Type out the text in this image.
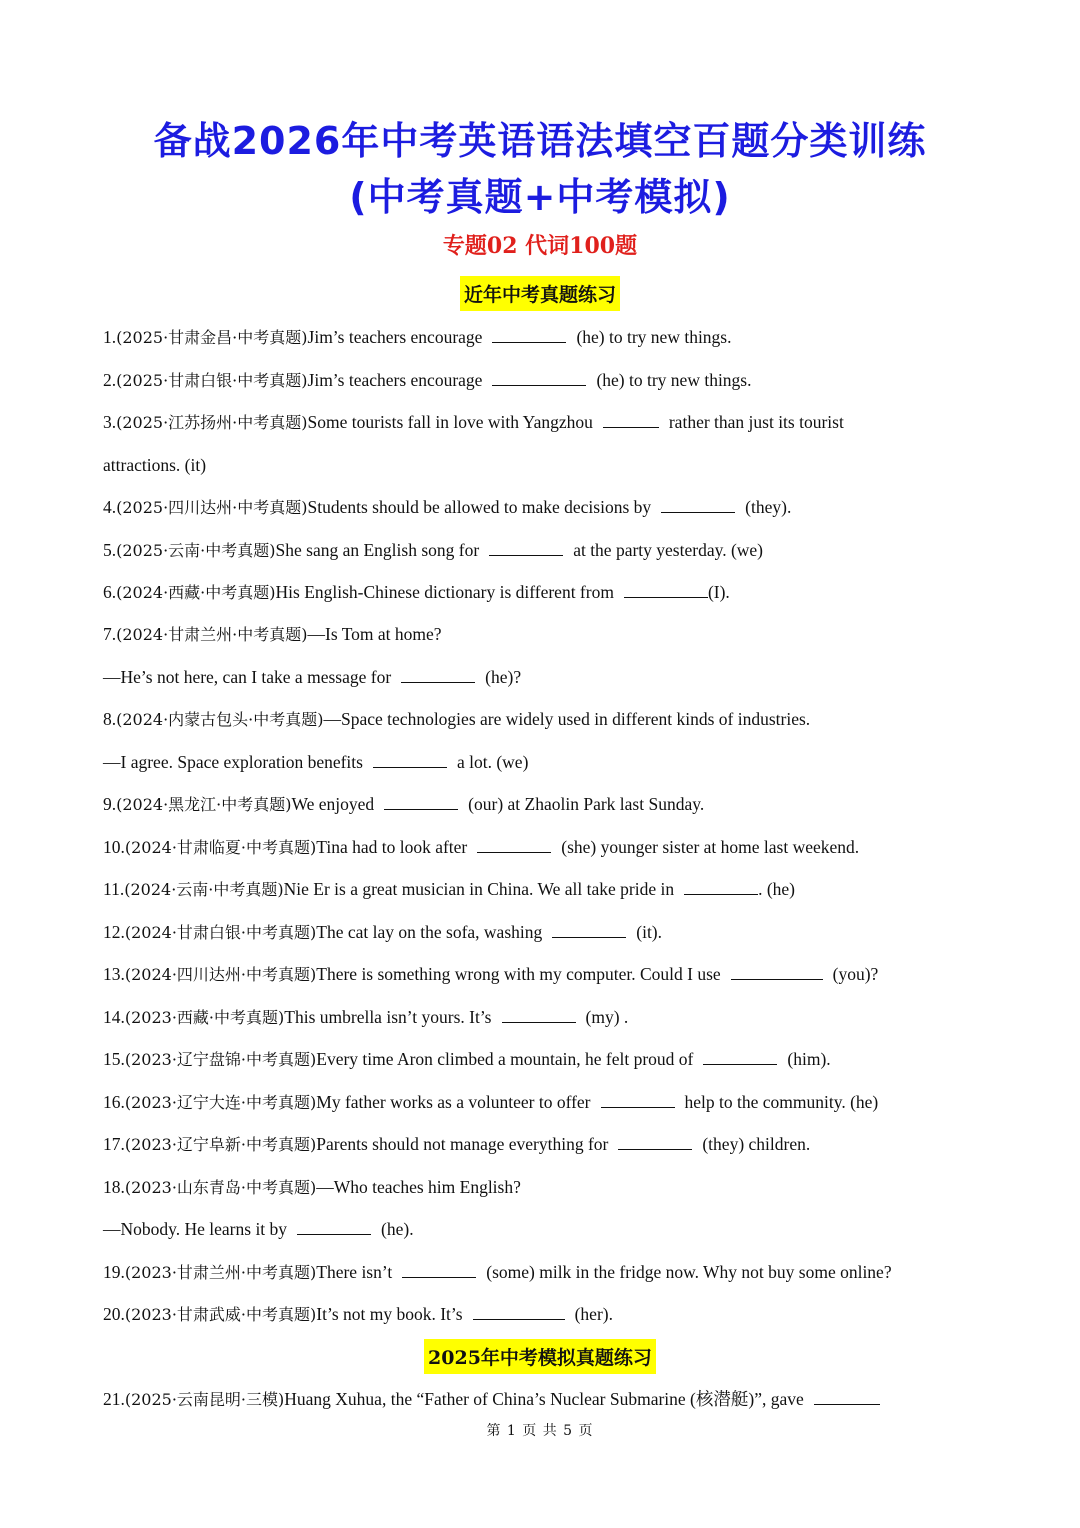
备战2026年中考英语语法填空百题分类训练
(中考真题+中考模拟)
专题02 代词100题
近年中考真题练习
1.(2025·甘肃金昌·中考真题)Jim’s teachers encourage	(he) to try new things.
2.(2025·甘肃白银·中考真题)Jim’s teachers encourage	(he) to try new things.
3.(2025·江苏扬州·中考真题)Some tourists fall in love with Yangzhou	rather than just its tourist
attractions. (it)
4.(2025·四川达州·中考真题)Students should be allowed to make decisions by	(they).
5.(2025·云南·中考真题)She sang an English song for	at the party yesterday. (we)
6.(2024·西藏·中考真题)His English-Chinese dictionary is different from	(I).
7.(2024·甘肃兰州·中考真题)—Is Tom at home?
—He’s not here, can I take a message for	(he)?
8.(2024·内蒙古包头·中考真题)—Space technologies are widely used in different kinds of industries.
—I agree. Space exploration benefits	a lot. (we)
9.(2024·黑龙江·中考真题)We enjoyed	(our) at Zhaolin Park last Sunday.
10.(2024·甘肃临夏·中考真题)Tina had to look after	(she) younger sister at home last weekend.
11.(2024·云南·中考真题)Nie Er is a great musician in China. We all take pride in	. (he)
12.(2024·甘肃白银·中考真题)The cat lay on the sofa, washing	(it).
13.(2024·四川达州·中考真题)There is something wrong with my computer. Could I use	(you)?
14.(2023·西藏·中考真题)This umbrella isn’t yours. It’s	(my) .
15.(2023·辽宁盘锦·中考真题)Every time Aron climbed a mountain, he felt proud of	(him).
16.(2023·辽宁大连·中考真题)My father works as a volunteer to offer	help to the community. (he)
17.(2023·辽宁阜新·中考真题)Parents should not manage everything for	(they) children.
18.(2023·山东青岛·中考真题)—Who teaches him English?
—Nobody. He learns it by	(he).
19.(2023·甘肃兰州·中考真题)There isn’t	(some) milk in the fridge now. Why not buy some online?
20.(2023·甘肃武威·中考真题)It’s not my book. It’s	(her).
2025年中考模拟真题练习
21.(2025·云南昆明·三模)Huang Xuhua, the “Father of China’s Nuclear Submarine (核潜艇)”, gave
第 1 页 共 5 页
